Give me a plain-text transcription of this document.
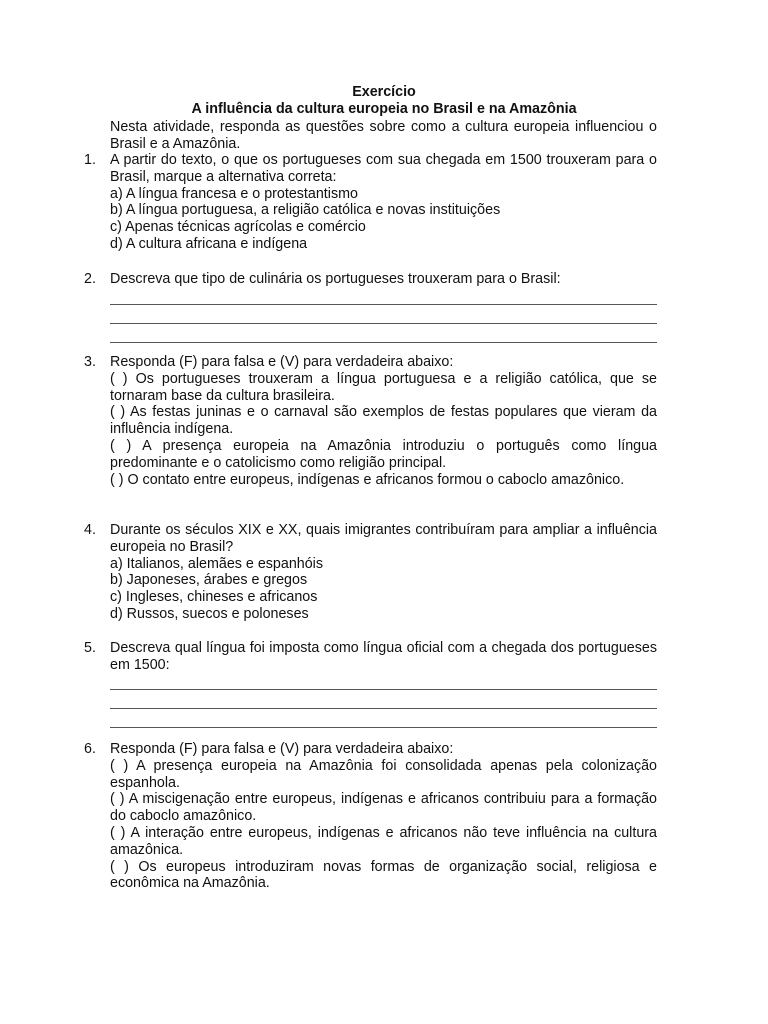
Exercício
A influência da cultura europeia no Brasil e na Amazônia
Nesta atividade, responda as questões sobre como a cultura europeia influenciou o Brasil e a Amazônia.
1. A partir do texto, o que os portugueses com sua chegada em 1500 trouxeram para o Brasil, marque a alternativa correta:
a) A língua francesa e o protestantismo
b) A língua portuguesa, a religião católica e novas instituições
c) Apenas técnicas agrícolas e comércio
d) A cultura africana e indígena
2. Descreva que tipo de culinária os portugueses trouxeram para o Brasil:
3. Responda (F) para falsa e (V) para verdadeira abaixo:
( ) Os portugueses trouxeram a língua portuguesa e a religião católica, que se tornaram base da cultura brasileira.
( ) As festas juninas e o carnaval são exemplos de festas populares que vieram da influência indígena.
( ) A presença europeia na Amazônia introduziu o português como língua predominante e o catolicismo como religião principal.
( ) O contato entre europeus, indígenas e africanos formou o caboclo amazônico.
4. Durante os séculos XIX e XX, quais imigrantes contribuíram para ampliar a influência europeia no Brasil?
a) Italianos, alemães e espanhóis
b) Japoneses, árabes e gregos
c) Ingleses, chineses e africanos
d) Russos, suecos e poloneses
5. Descreva qual língua foi imposta como língua oficial com a chegada dos portugueses em 1500:
6. Responda (F) para falsa e (V) para verdadeira abaixo:
( ) A presença europeia na Amazônia foi consolidada apenas pela colonização espanhola.
( ) A miscigenação entre europeus, indígenas e africanos contribuiu para a formação do caboclo amazônico.
( ) A interação entre europeus, indígenas e africanos não teve influência na cultura amazônica.
( ) Os europeus introduziram novas formas de organização social, religiosa e econômica na Amazônia.
